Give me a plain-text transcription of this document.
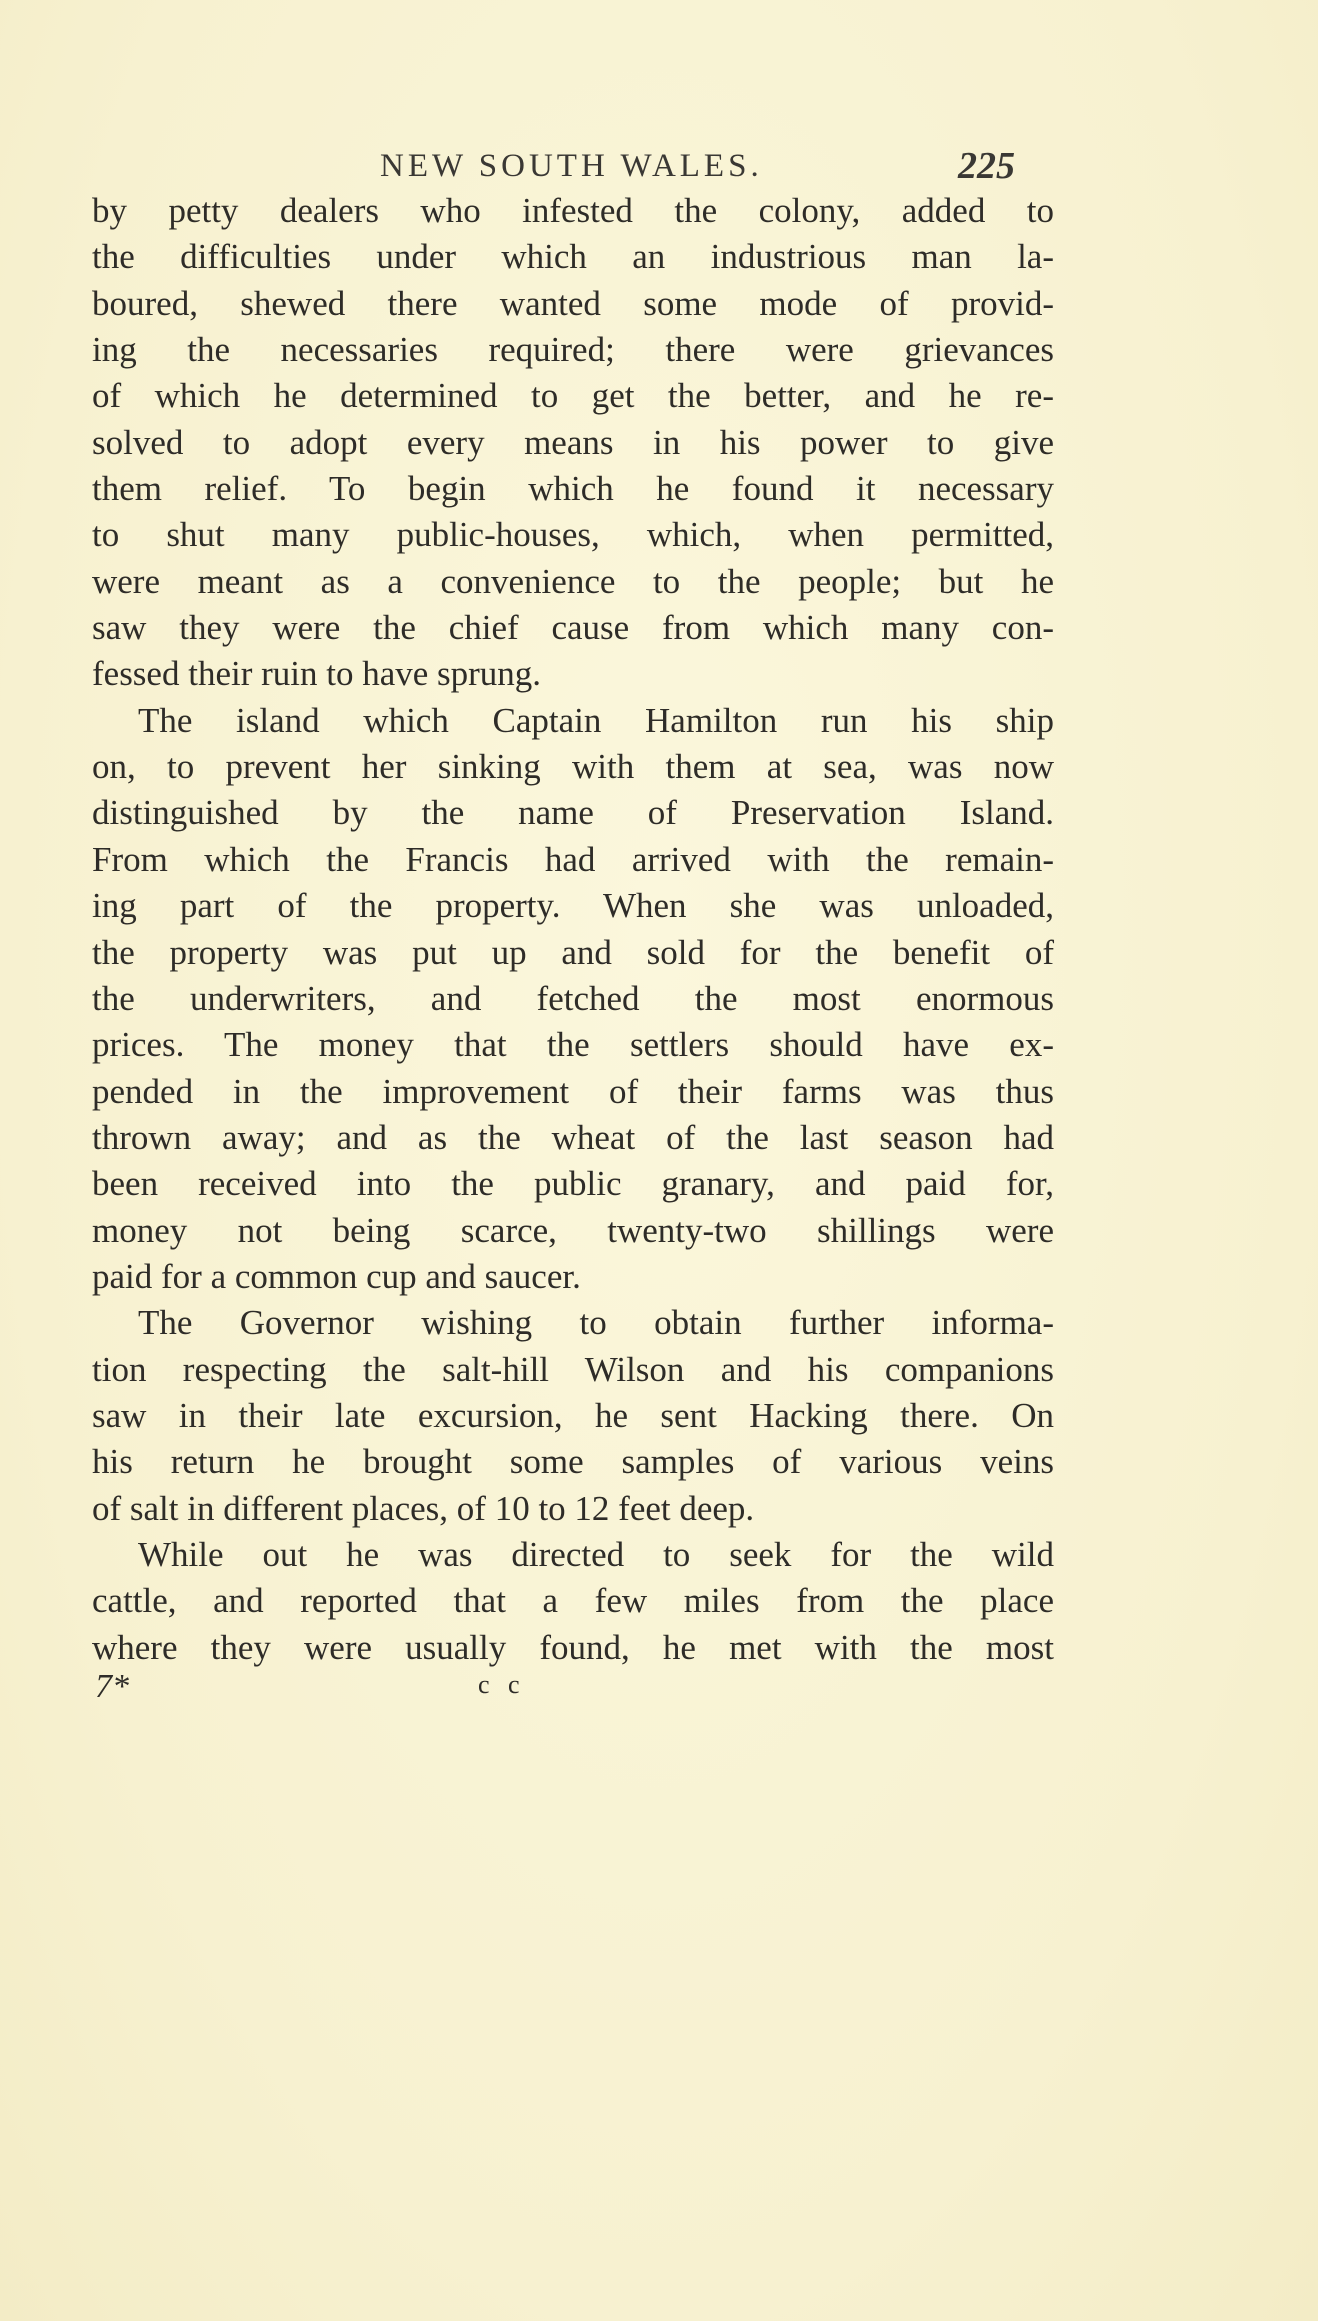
NEW SOUTH WALES.	225
by petty dealers who infested the colony, added to
the difficulties under which an industrious man la-
boured, shewed there wanted some mode of provid-
ing the necessaries required; there were grievances
of which he determined to get the better, and he re-
solved to adopt every means in his power to give
them relief. To begin which he found it necessary
to shut many public-houses, which, when permitted,
were meant as a convenience to the people; but he
saw they were the chief cause from which many con-
fessed their ruin to have sprung.
The island which Captain Hamilton run his ship
on, to prevent her sinking with them at sea, was now
distinguished by the name of Preservation Island.
From which the Francis had arrived with the remain-
ing part of the property. When she was unloaded,
the property was put up and sold for the benefit of
the underwriters, and fetched the most enormous
prices. The money that the settlers should have ex-
pended in the improvement of their farms was thus
thrown away; and as the wheat of the last season had
been received into the public granary, and paid for,
money not being scarce, twenty-two shillings were
paid for a common cup and saucer.
The Governor wishing to obtain further informa-
tion respecting the salt-hill Wilson and his companions
saw in their late excursion, he sent Hacking there. On
his return he brought some samples of various veins
of salt in different places, of 10 to 12 feet deep.
While out he was directed to seek for the wild
cattle, and reported that a few miles from the place
where they were usually found, he met with the most
7*	c c
